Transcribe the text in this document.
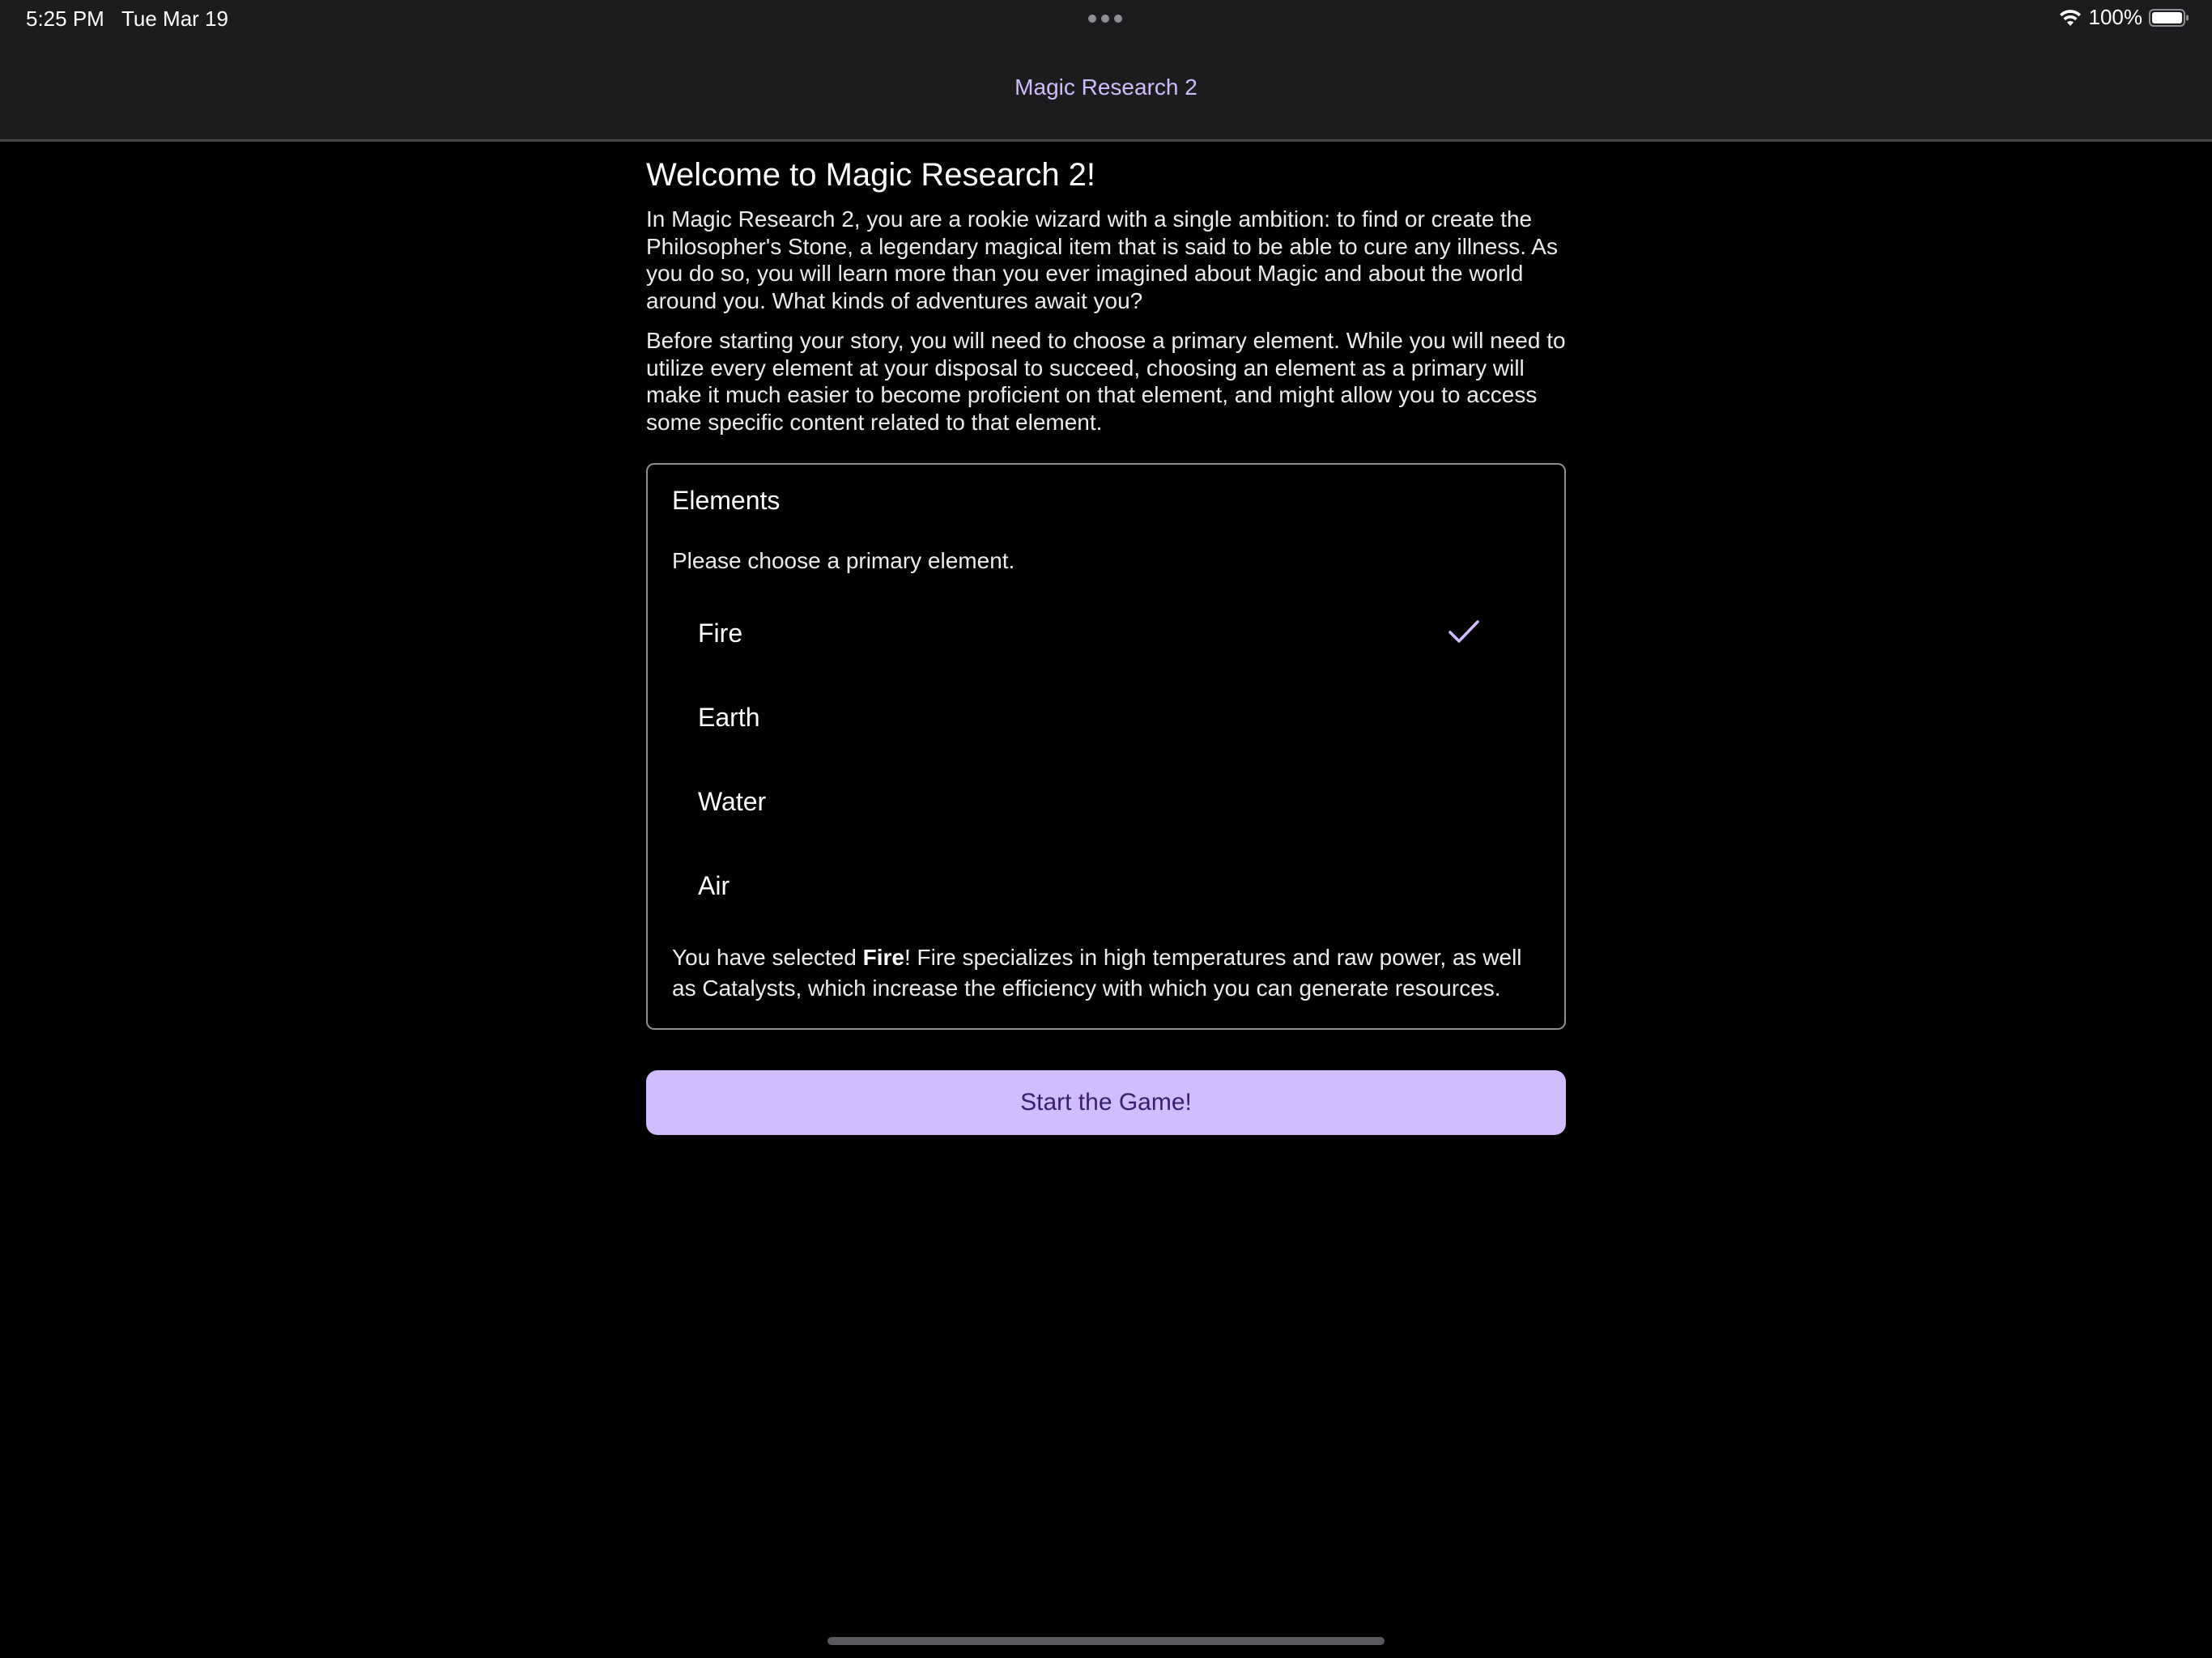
5:25 PM Tue Mar 19	100%
Magic Research 2
Welcome to Magic Research 2!

In Magic Research 2, you are a rookie wizard with a single ambition: to find or create the Philosopher's Stone, a legendary magical item that is said to be able to cure any illness. As you do so, you will learn more than you ever imagined about Magic and about the world around you. What kinds of adventures await you?

Before starting your story, you will need to choose a primary element. While you will need to utilize every element at your disposal to succeed, choosing an element as a primary will make it much easier to become proficient on that element, and might allow you to access some specific content related to that element.

Elements
Please choose a primary element.
Fire
Earth
Water
Air
You have selected Fire! Fire specializes in high temperatures and raw power, as well as Catalysts, which increase the efficiency with which you can generate resources.
Start the Game!
